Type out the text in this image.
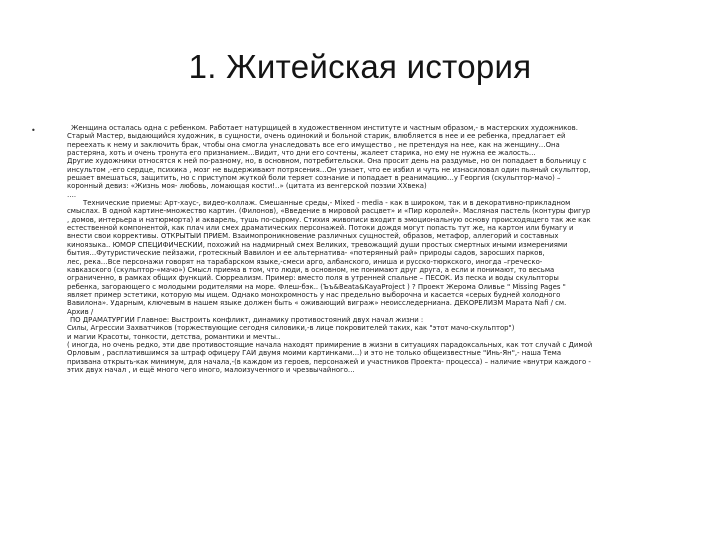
1. Житейская история
•	Женщина осталась одна с ребенком. Работает натурщицей в художественном институте и частным образом,- в мастерских художников.
Старый Мастер, выдающийся художник, в сущности, очень одинокий и больной старик, влюбляется в нее и ее ребенка, предлагает ей
переехать к нему и заключить брак, чтобы она смогла унаследовать все его имущество , не претендуя на нее, как на женщину…Она
растеряна, хоть и очень тронута его признанием…Видит, что дни его сочтены, жалеет старика, но ему не нужна ее жалость…
Другие художники относятся к ней по-разному, но, в основном, потребительски. Она просит день на раздумье, но он попадает в больницу с
инсультом ,-его сердце, психика , мозг не выдерживают потрясения…Он узнает, что ее избил и чуть не изнасиловал один пьяный скульптор,
решает вмешаться, защитить, но с приступом жуткой боли теряет сознание и попадает в реанимацию…у Георгия (скульптор-мачо) –
коронный девиз: «Жизнь моя- любовь, ломающая кости!..» (цитата из венгерской поэзии ХХвека)
….
Технические приемы: Арт-хаус-, видео-коллаж. Смешанные среды,- Mixed - media - как в широком, так и в декоративно-прикладном
смыслах. В одной картине-множество картин. (Филонов), «Введение в мировой расцвет» и «Пир королей». Масляная пастель (контуры фигур
, домов, интерьера и натюрморта) и акварель, тушь по-сырому. Стихия живописи входит в эмоциональную основу происходящего так же как
естественной компонентой, как плач или смех драматических персонажей. Потоки дождя могут попасть тут же, на картон или бумагу и
внести свои коррективы. ОТКРЫТЫЙ ПРИЕМ. Взаимопроникновение различных сущностей, образов, метафор, аллегорий и составных
киноязыка.. ЮМОР СПЕЦИФИЧЕСКИЙ, похожий на надмирный смех Великих, тревожащий души простых смертных иными измерениями
бытия…Футуристические пейзажи, гротескный Вавилон и ее альтернатива- «потерянный рай» природы садов, заросших парков,
лес, река…Все персонажи говорят на тарабарском языке,-смеси арго, албанского, иниша и русско-тюркского, иногда –греческо-
кавказского (скульптор-«мачо») Смысл приема в том, что люди, в основном, не понимают друг друга, а если и понимают, то весьма
ограниченно, в рамках общих функций. Сюрреализм. Пример: вместо поля в утренней спальне – ПЕСОК. Из песка и воды скульпторы
ребенка, загорающего с молодыми родителями на море. Флеш-бэк.. (Ъъ&Beata&KayaProject ) ? Проект Жерома Оливье " Missing Pages "
являет пример эстетики, которую мы ищем. Однако монохромность у нас предельно выборочна и касается «серых будней холодного
Вавилона». Ударным, ключевым в нашем языке должен быть « оживающий виграж» неоисследерниана. ДЕКОРЕЛИЗМ Марата Nafi / см.
Архив /
ПО ДРАМАТУРГИИ Главное: Выстроить конфликт, динамику противостояний двух начал жизни :
Силы, Агрессии Захватчиков (торжествующие сегодня силовики,-в лице покровителей таких, как "этот мачо-скульптор")
и магии Красоты, тонкости, детства, романтики и мечты..
( иногда, но очень редко, эти две противостоящие начала находят примирение в жизни в ситуациях парадоксальных, как тот случай с Димой
Орловым , расплатившимся за штраф офицеру ГАИ двумя моими картинками…) и это не только общеизвестные "Инь-Ян",- наша Тема
призвана открыть-как минимум, для начала,-(в каждом из героев, персонажей и участников Проекта- процесса) – наличие «внутри каждого -
этих двух начал , и ещё много чего иного, малоизученного и чрезвычайного…
